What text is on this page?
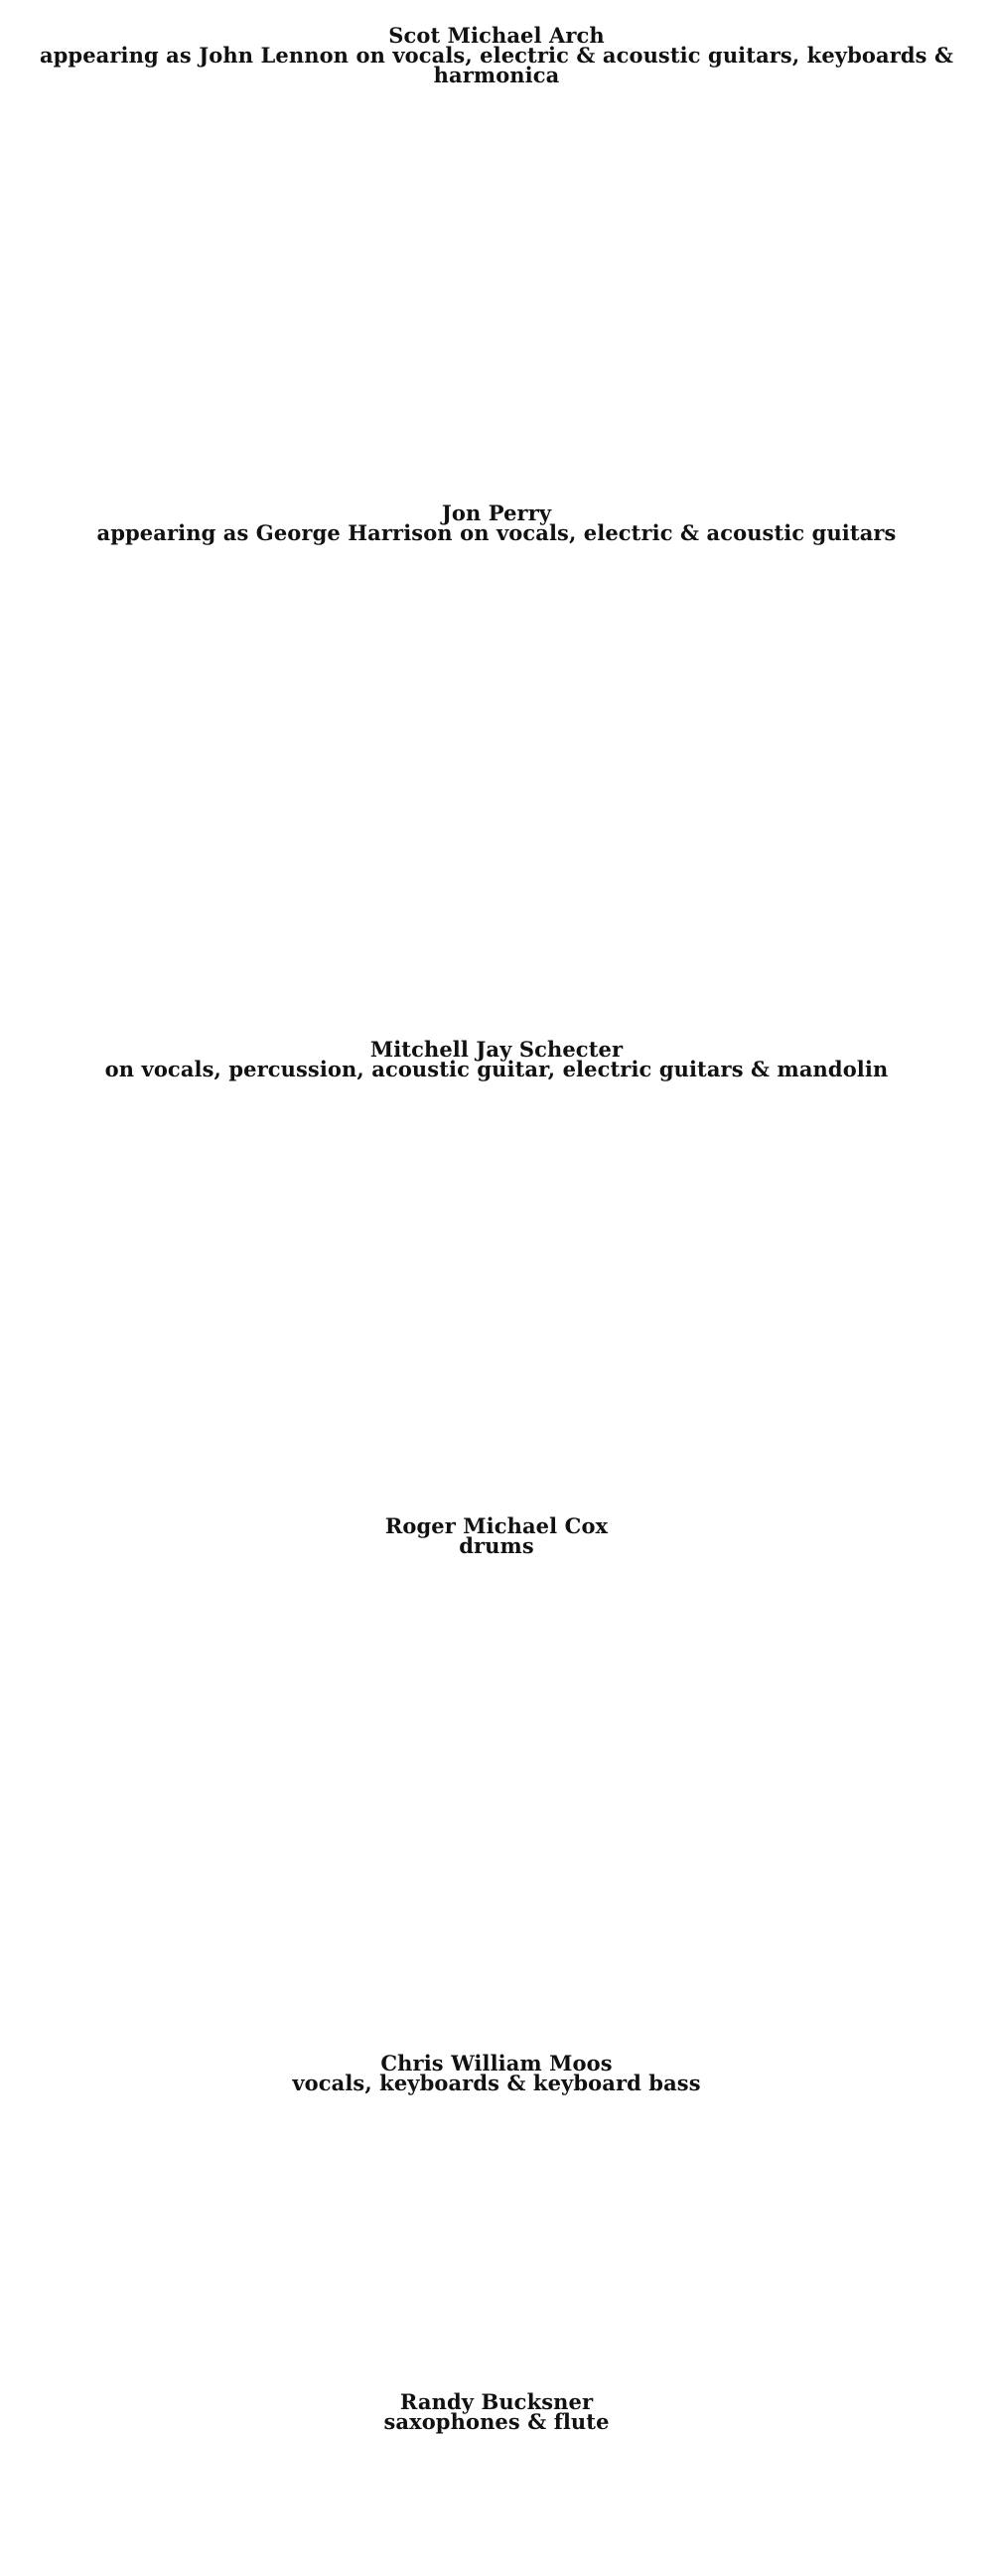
Scot Michael Arch
appearing as John Lennon on vocals, electric & acoustic guitars, keyboards & harmonica
Jon Perry
appearing as George Harrison on vocals, electric & acoustic guitars
Mitchell Jay Schecter
on vocals, percussion, acoustic guitar, electric guitars & mandolin
Roger Michael Cox
drums
Chris William Moos
vocals, keyboards & keyboard bass
Randy Bucksner
saxophones & flute
